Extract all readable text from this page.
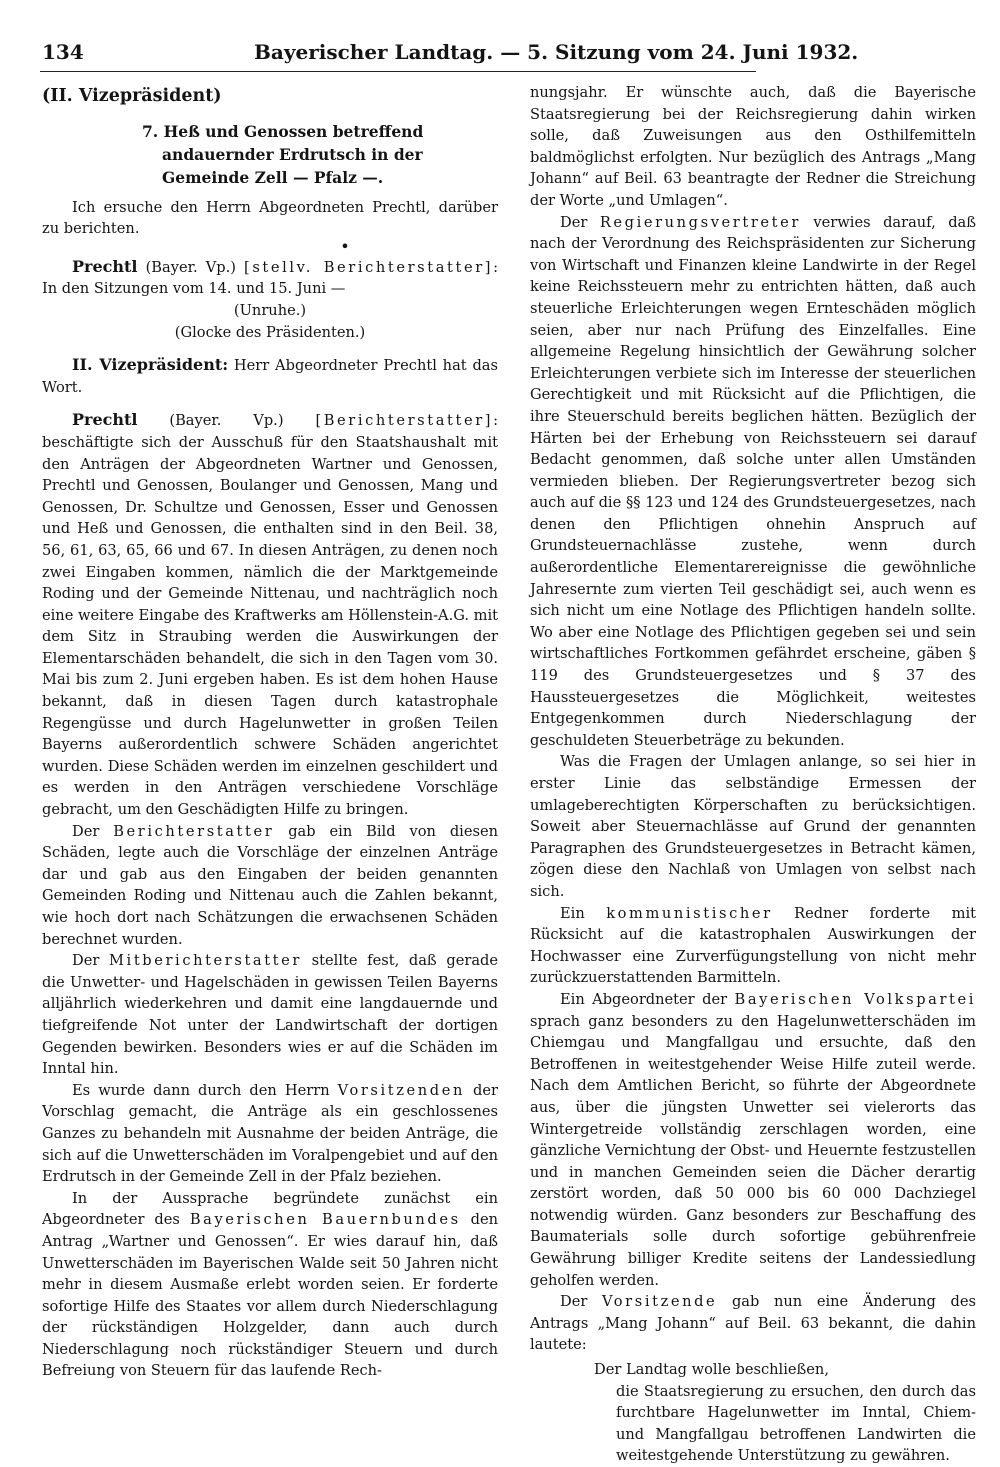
134	Bayerischer Landtag. — 5. Sitzung vom 24. Juni 1932.

(II. Vizepräsident)

7. Heß und Genossen betreffend andauernder Erdrutsch in der Gemeinde Zell — Pfalz —.

Ich ersuche den Herrn Abgeordneten Prechtl, darüber zu berichten.

•

Prechtl (Bayer. Vp.) [stellv. Berichterstatter]: In den Sitzungen vom 14. und 15. Juni —

(Unruhe.)

(Glocke des Präsidenten.)

II. Vizepräsident: Herr Abgeordneter Prechtl hat das Wort.

Prechtl (Bayer. Vp.) [Berichterstatter]: beschäftigte sich der Ausschuß für den Staatshaushalt mit den Anträgen der Abgeordneten Wartner und Genossen, Prechtl und Genossen, Boulanger und Genossen, Mang und Genossen, Dr. Schultze und Genossen, Esser und Genossen und Heß und Genossen, die enthalten sind in den Beil. 38, 56, 61, 63, 65, 66 und 67. In diesen Anträgen, zu denen noch zwei Eingaben kommen, nämlich die der Marktgemeinde Roding und der Gemeinde Nittenau, und nachträglich noch eine weitere Eingabe des Kraftwerks am Höllenstein-A.G. mit dem Sitz in Straubing werden die Auswirkungen der Elementarschäden behandelt, die sich in den Tagen vom 30. Mai bis zum 2. Juni ergeben haben. Es ist dem hohen Hause bekannt, daß in diesen Tagen durch katastrophale Regengüsse und durch Hagelunwetter in großen Teilen Bayerns außerordentlich schwere Schäden angerichtet wurden. Diese Schäden werden im einzelnen geschildert und es werden in den Anträgen verschiedene Vorschläge gebracht, um den Geschädigten Hilfe zu bringen.

Der Berichterstatter gab ein Bild von diesen Schäden, legte auch die Vorschläge der einzelnen Anträge dar und gab aus den Eingaben der beiden genannten Gemeinden Roding und Nittenau auch die Zahlen bekannt, wie hoch dort nach Schätzungen die erwachsenen Schäden berechnet wurden.

Der Mitberichterstatter stellte fest, daß gerade die Unwetter- und Hagelschäden in gewissen Teilen Bayerns alljährlich wiederkehren und damit eine langdauernde und tiefgreifende Not unter der Landwirtschaft der dortigen Gegenden bewirken. Besonders wies er auf die Schäden im Inntal hin.

Es wurde dann durch den Herrn Vorsitzenden der Vorschlag gemacht, die Anträge als ein geschlossenes Ganzes zu behandeln mit Ausnahme der beiden Anträge, die sich auf die Unwetterschäden im Voralpengebiet und auf den Erdrutsch in der Gemeinde Zell in der Pfalz beziehen.

In der Aussprache begründete zunächst ein Abgeordneter des Bayerischen Bauernbundes den Antrag „Wartner und Genossen“. Er wies darauf hin, daß Unwetterschäden im Bayerischen Walde seit 50 Jahren nicht mehr in diesem Ausmaße erlebt worden seien. Er forderte sofortige Hilfe des Staates vor allem durch Niederschlagung der rückständigen Holzgelder, dann auch durch Niederschlagung noch rückständiger Steuern und durch Befreiung von Steuern für das laufende Rech-

nungsjahr. Er wünschte auch, daß die Bayerische Staatsregierung bei der Reichsregierung dahin wirken solle, daß Zuweisungen aus den Osthilfemitteln baldmöglichst erfolgten. Nur bezüglich des Antrags „Mang Johann“ auf Beil. 63 beantragte der Redner die Streichung der Worte „und Umlagen“.

Der Regierungsvertreter verwies darauf, daß nach der Verordnung des Reichspräsidenten zur Sicherung von Wirtschaft und Finanzen kleine Landwirte in der Regel keine Reichssteuern mehr zu entrichten hätten, daß auch steuerliche Erleichterungen wegen Ernteschäden möglich seien, aber nur nach Prüfung des Einzelfalles. Eine allgemeine Regelung hinsichtlich der Gewährung solcher Erleichterungen verbiete sich im Interesse der steuerlichen Gerechtigkeit und mit Rücksicht auf die Pflichtigen, die ihre Steuerschuld bereits beglichen hätten. Bezüglich der Härten bei der Erhebung von Reichssteuern sei darauf Bedacht genommen, daß solche unter allen Umständen vermieden blieben. Der Regierungsvertreter bezog sich auch auf die §§ 123 und 124 des Grundsteuergesetzes, nach denen den Pflichtigen ohnehin Anspruch auf Grundsteuernachlässe zustehe, wenn durch außerordentliche Elementarereignisse die gewöhnliche Jahresernte zum vierten Teil geschädigt sei, auch wenn es sich nicht um eine Notlage des Pflichtigen handeln sollte. Wo aber eine Notlage des Pflichtigen gegeben sei und sein wirtschaftliches Fortkommen gefährdet erscheine, gäben § 119 des Grundsteuergesetzes und § 37 des Haussteuergesetzes die Möglichkeit, weitestes Entgegenkommen durch Niederschlagung der geschuldeten Steuerbeträge zu bekunden.

Was die Fragen der Umlagen anlange, so sei hier in erster Linie das selbständige Ermessen der umlageberechtigten Körperschaften zu berücksichtigen. Soweit aber Steuernachlässe auf Grund der genannten Paragraphen des Grundsteuergesetzes in Betracht kämen, zögen diese den Nachlaß von Umlagen von selbst nach sich.

Ein kommunistischer Redner forderte mit Rücksicht auf die katastrophalen Auswirkungen der Hochwasser eine Zurverfügungstellung von nicht mehr zurückzuerstattenden Barmitteln.

Ein Abgeordneter der Bayerischen Volkspartei sprach ganz besonders zu den Hagelunwetterschäden im Chiemgau und Mangfallgau und ersuchte, daß den Betroffenen in weitestgehender Weise Hilfe zuteil werde. Nach dem Amtlichen Bericht, so führte der Abgeordnete aus, über die jüngsten Unwetter sei vielerorts das Wintergetreide vollständig zerschlagen worden, eine gänzliche Vernichtung der Obst- und Heuernte festzustellen und in manchen Gemeinden seien die Dächer derartig zerstört worden, daß 50 000 bis 60 000 Dachziegel notwendig würden. Ganz besonders zur Beschaffung des Baumaterials solle durch sofortige gebührenfreie Gewährung billiger Kredite seitens der Landessiedlung geholfen werden.

Der Vorsitzende gab nun eine Änderung des Antrags „Mang Johann“ auf Beil. 63 bekannt, die dahin lautete:

Der Landtag wolle beschließen,

die Staatsregierung zu ersuchen, den durch das furchtbare Hagelunwetter im Inntal, Chiem- und Mangfallgau betroffenen Landwirten die weitestgehende Unterstützung zu gewähren.
